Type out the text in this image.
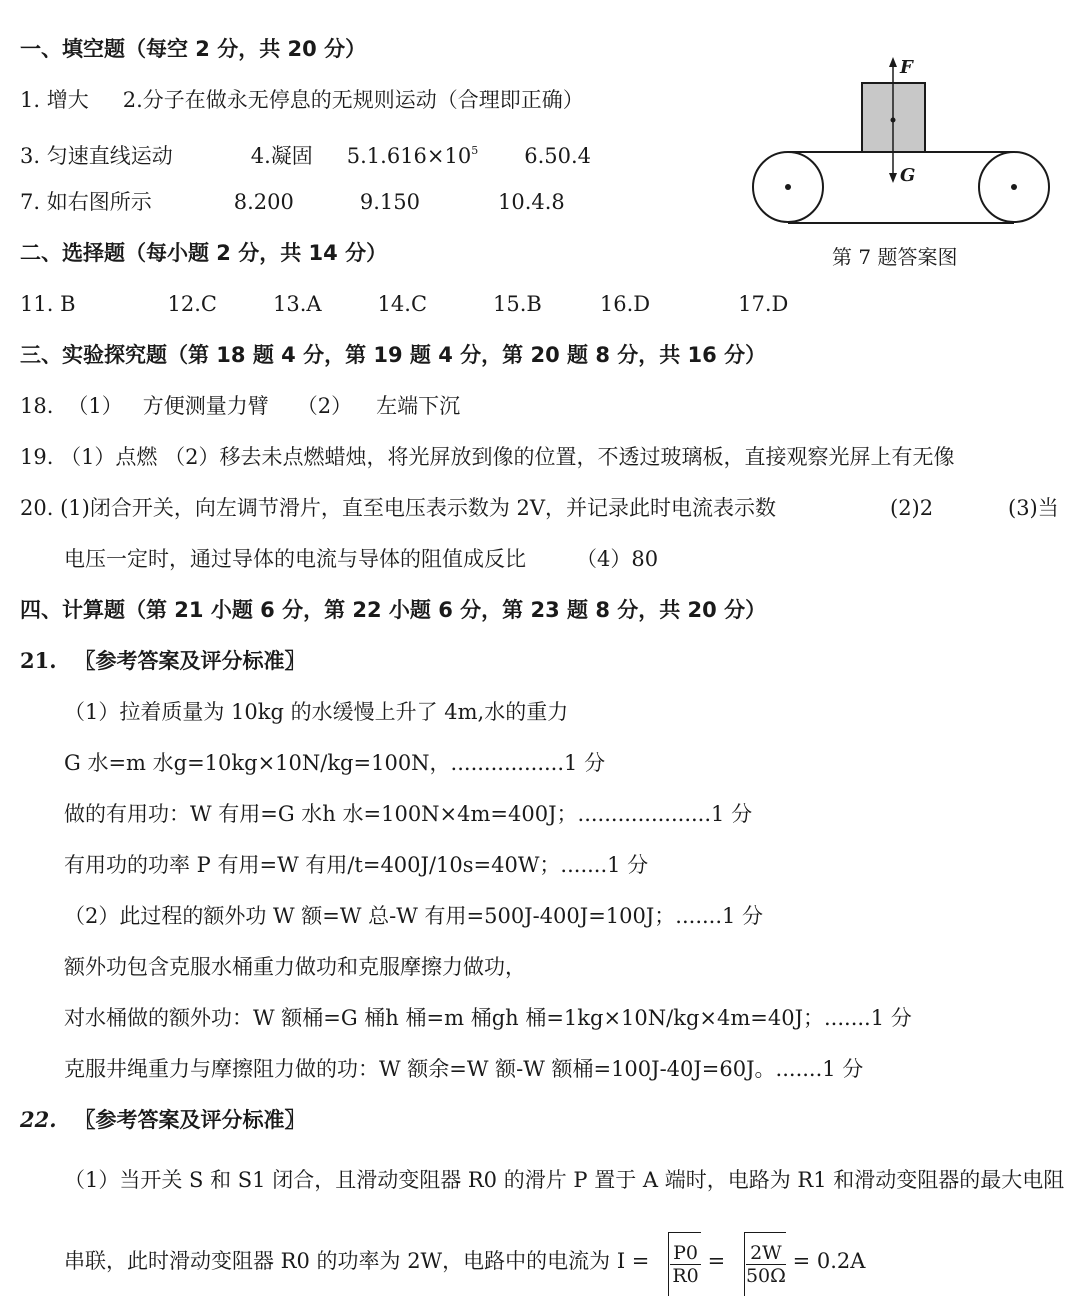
一、填空题（每空 2 分，共 20 分）
1. 增大 2.分子在做永无停息的无规则运动（合理即正确）
3. 匀速直线运动	4.凝固 $5.1.616\times 10^5$ 6.50.4
7. 如右图所示	8.200	9.150	10.4.8
二、选择题（每小题 2 分，共 14 分）
11. B	12.C	13.A	14.C	15.B	16.D	17.D
三、实验探究题（第 18 题 4 分，第 19 题 4 分，第 20 题 8 分，共 16 分）
18. （1） 方便测量力臂 （2） 左端下沉
19. （1）点燃 （2）移去未点燃蜡烛，将光屏放到像的位置，不透过玻璃板，直接观察光屏上有无像
20. (1)闭合开关，向左调节滑片，直至电压表示数为 2V，并记录此时电流表示数	(2)2	(3)当
电压一定时，通过导体的电流与导体的阻值成反比 （4）80
四、计算题（第 21 小题 6 分，第 22 小题 6 分，第 23 题 8 分，共 20 分）
21. 〖参考答案及评分标准〗
（1）拉着质量为 10kg 的水缓慢上升了 4m,水的重力
G 水=m 水g=10kg×10N/kg=100N，.................1 分
做的有用功：W 有用=G 水h 水=100N×4m=400J；....................1 分
有用功的功率 P 有用=W 有用/t=400J/10s=40W；.......1 分
（2）此过程的额外功 W 额=W 总-W 有用=500J-400J=100J；.......1 分
额外功包含克服水桶重力做功和克服摩擦力做功，
对水桶做的额外功：W 额桶=G 桶h 桶=m 桶gh 桶=1kg×10N/kg×4m=40J；.......1 分
克服井绳重力与摩擦阻力做的功：W 额余=W 额-W 额桶=100J-40J=60J。.......1 分
22. 〖参考答案及评分标准〗
（1）当开关 S 和 S1 闭合，且滑动变阻器 R0 的滑片 P 置于 A 端时，电路为 R1 和滑动变阻器的最大电阻
串联，此时滑动变阻器 R0 的功率为 2W，电路中的电流为 $I = \frac{P0}{R0} = \frac{2W}{50\Omega} = 0.2A$
F
G
第 7 题答案图
